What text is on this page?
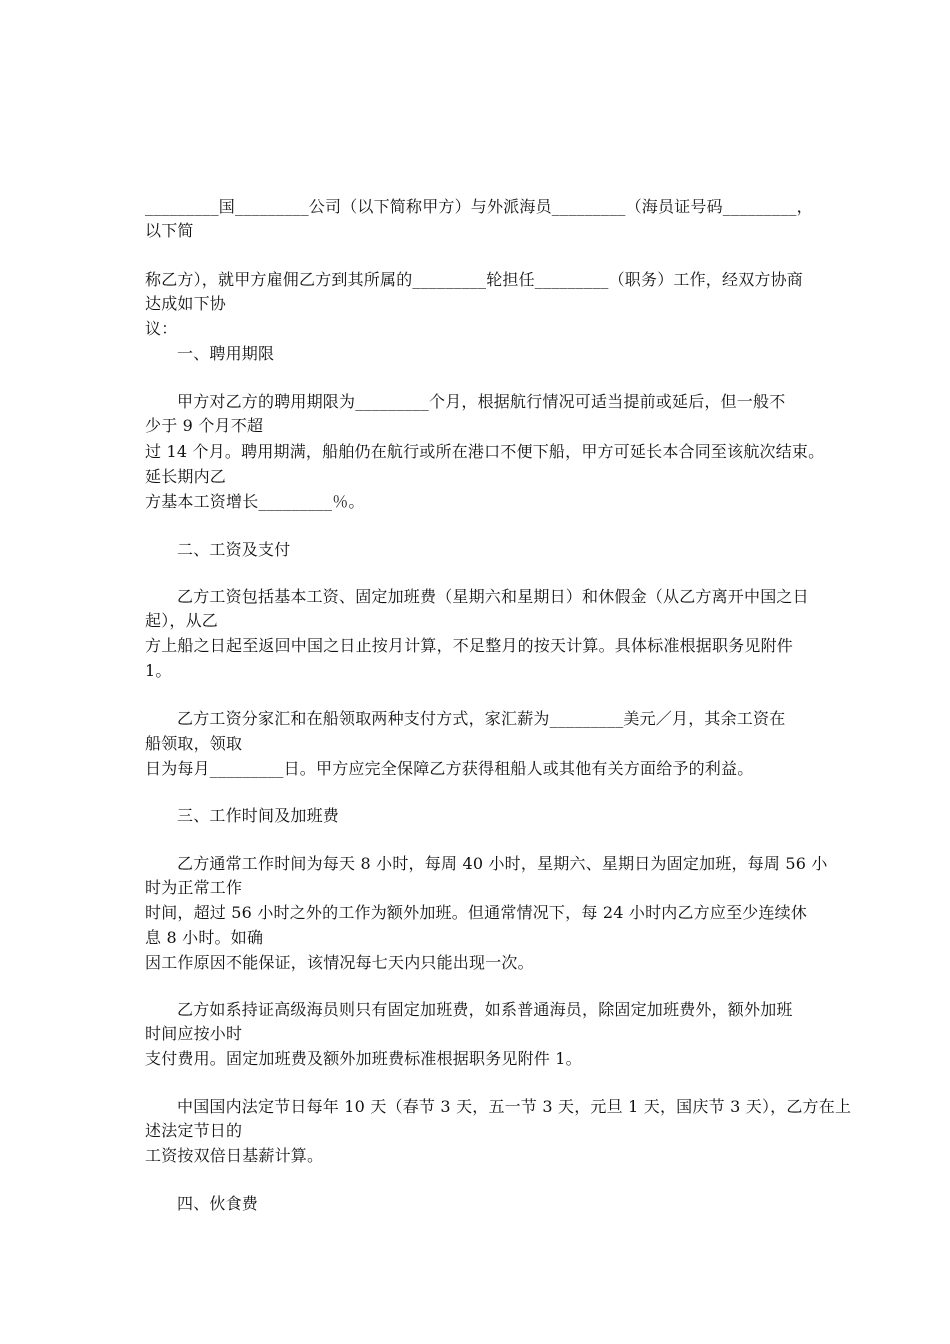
_________国_________公司（以下简称甲方）与外派海员_________（海员证号码_________，
以下简
称乙方），就甲方雇佣乙方到其所属的_________轮担任_________（职务）工作，经双方协商
达成如下协
议：
一、聘用期限
甲方对乙方的聘用期限为_________个月，根据航行情况可适当提前或延后，但一般不
少于 9 个月不超
过 14 个月。聘用期满，船舶仍在航行或所在港口不便下船，甲方可延长本合同至该航次结束。
延长期内乙
方基本工资增长_________％。
二、工资及支付
乙方工资包括基本工资、固定加班费（星期六和星期日）和休假金（从乙方离开中国之日
起），从乙
方上船之日起至返回中国之日止按月计算，不足整月的按天计算。具体标准根据职务见附件
1。
乙方工资分家汇和在船领取两种支付方式，家汇薪为_________美元／月，其余工资在
船领取，领取
日为每月_________日。甲方应完全保障乙方获得租船人或其他有关方面给予的利益。
三、工作时间及加班费
乙方通常工作时间为每天 8 小时，每周 40 小时，星期六、星期日为固定加班，每周 56 小
时为正常工作
时间，超过 56 小时之外的工作为额外加班。但通常情况下，每 24 小时内乙方应至少连续休
息 8 小时。如确
因工作原因不能保证，该情况每七天内只能出现一次。
乙方如系持证高级海员则只有固定加班费，如系普通海员，除固定加班费外，额外加班
时间应按小时
支付费用。固定加班费及额外加班费标准根据职务见附件 1。
中国国内法定节日每年 10 天（春节 3 天，五一节 3 天，元旦 1 天，国庆节 3 天），乙方在上
述法定节日的
工资按双倍日基薪计算。
四、伙食费
